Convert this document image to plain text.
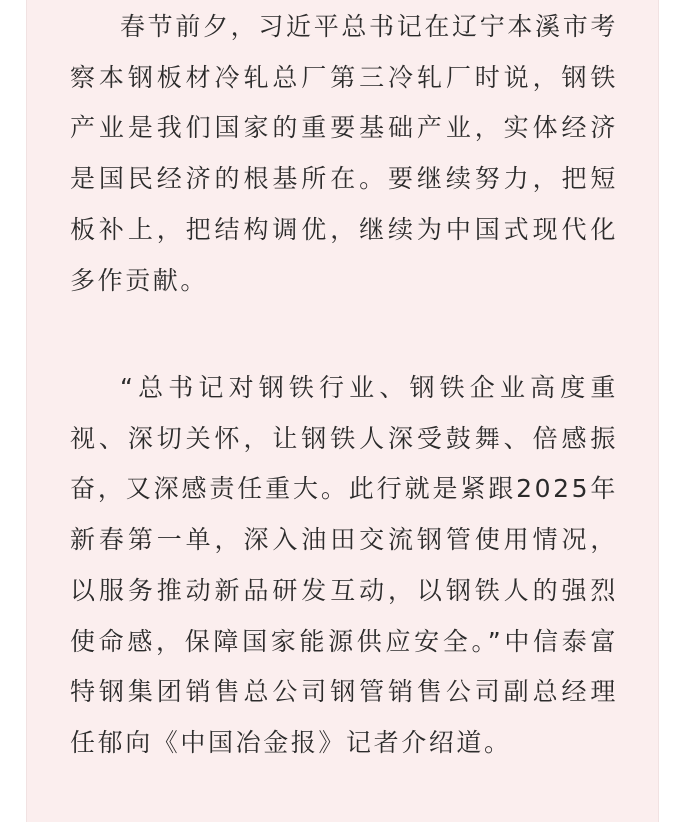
春节前夕，习近平总书记在辽宁本溪市考察本钢板材冷轧总厂第三冷轧厂时说，钢铁产业是我们国家的重要基础产业，实体经济是国民经济的根基所在。要继续努力，把短板补上，把结构调优，继续为中国式现代化多作贡献。

“总书记对钢铁行业、钢铁企业高度重视、深切关怀，让钢铁人深受鼓舞、倍感振奋，又深感责任重大。此行就是紧跟2025年新春第一单，深入油田交流钢管使用情况，以服务推动新品研发互动，以钢铁人的强烈使命感，保障国家能源供应安全。”中信泰富特钢集团销售总公司钢管销售公司副总经理任郁向《中国冶金报》记者介绍道。
